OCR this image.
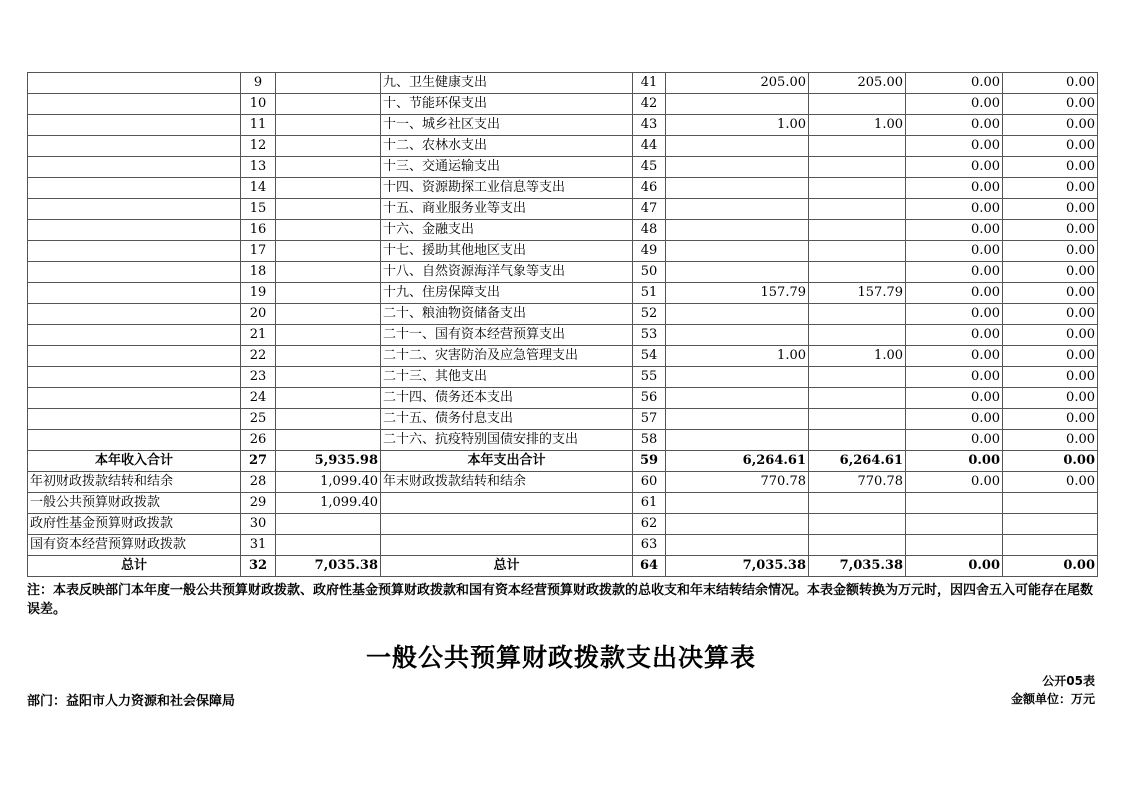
	9		九、卫生健康支出	41	205.00	205.00	0.00	0.00
	10		十、节能环保支出	42			0.00	0.00
	11		十一、城乡社区支出	43	1.00	1.00	0.00	0.00
	12		十二、农林水支出	44			0.00	0.00
	13		十三、交通运输支出	45			0.00	0.00
	14		十四、资源勘探工业信息等支出	46			0.00	0.00
	15		十五、商业服务业等支出	47			0.00	0.00
	16		十六、金融支出	48			0.00	0.00
	17		十七、援助其他地区支出	49			0.00	0.00
	18		十八、自然资源海洋气象等支出	50			0.00	0.00
	19		十九、住房保障支出	51	157.79	157.79	0.00	0.00
	20		二十、粮油物资储备支出	52			0.00	0.00
	21		二十一、国有资本经营预算支出	53			0.00	0.00
	22		二十二、灾害防治及应急管理支出	54	1.00	1.00	0.00	0.00
	23		二十三、其他支出	55			0.00	0.00
	24		二十四、债务还本支出	56			0.00	0.00
	25		二十五、债务付息支出	57			0.00	0.00
	26		二十六、抗疫特别国债安排的支出	58			0.00	0.00
本年收入合计	27	5,935.98	本年支出合计	59	6,264.61	6,264.61	0.00	0.00
年初财政拨款结转和结余	28	1,099.40	年末财政拨款结转和结余	60	770.78	770.78	0.00	0.00
一般公共预算财政拨款	29	1,099.40		61				
政府性基金预算财政拨款	30			62				
国有资本经营预算财政拨款	31			63				
总计	32	7,035.38	总计	64	7,035.38	7,035.38	0.00	0.00
注：本表反映部门本年度一般公共预算财政拨款、政府性基金预算财政拨款和国有资本经营预算财政拨款的总收支和年末结转结余情况。本表金额转换为万元时，因四舍五入可能存在尾数误差。
一般公共预算财政拨款支出决算表
公开05表
部门：益阳市人力资源和社会保障局	金额单位：万元
